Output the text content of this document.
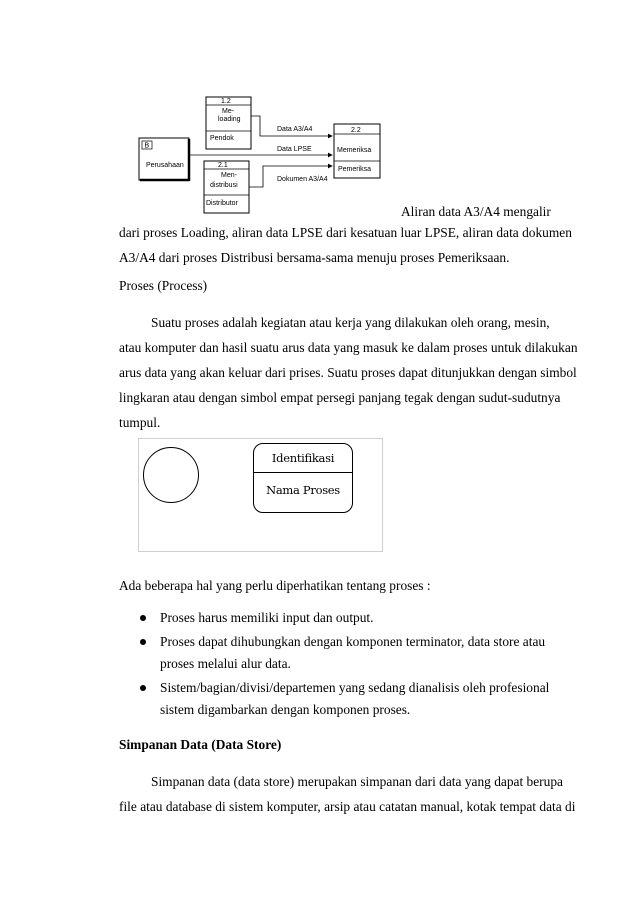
B
Perusahaan
1.2
Me-
loading
Pendok
2.1
Men-
distribusi
Distributor
2.2
Memeriksa
Pemeriksa
Data A3/A4
Data LPSE
Dokumen A3/A4
Aliran data A3/A4 mengalir
dari proses Loading, aliran data LPSE dari kesatuan luar LPSE, aliran data dokumen
A3/A4 dari proses Distribusi bersama-sama menuju proses Pemeriksaan.
Proses (Process)
Suatu proses adalah kegiatan atau kerja yang dilakukan oleh orang, mesin,
atau komputer dan hasil suatu arus data yang masuk ke dalam proses untuk dilakukan
arus data yang akan keluar dari prises. Suatu proses dapat ditunjukkan dengan simbol
lingkaran atau dengan simbol empat persegi panjang tegak dengan sudut-sudutnya
tumpul.
Identifikasi
Nama Proses
Ada beberapa hal yang perlu diperhatikan tentang proses :
Proses harus memiliki input dan output.
Proses dapat dihubungkan dengan komponen terminator, data store atau
proses melalui alur data.
Sistem/bagian/divisi/departemen yang sedang dianalisis oleh profesional
sistem digambarkan dengan komponen proses.
Simpanan Data (Data Store)
Simpanan data (data store) merupakan simpanan dari data yang dapat berupa
file atau database di sistem komputer, arsip atau catatan manual, kotak tempat data di
